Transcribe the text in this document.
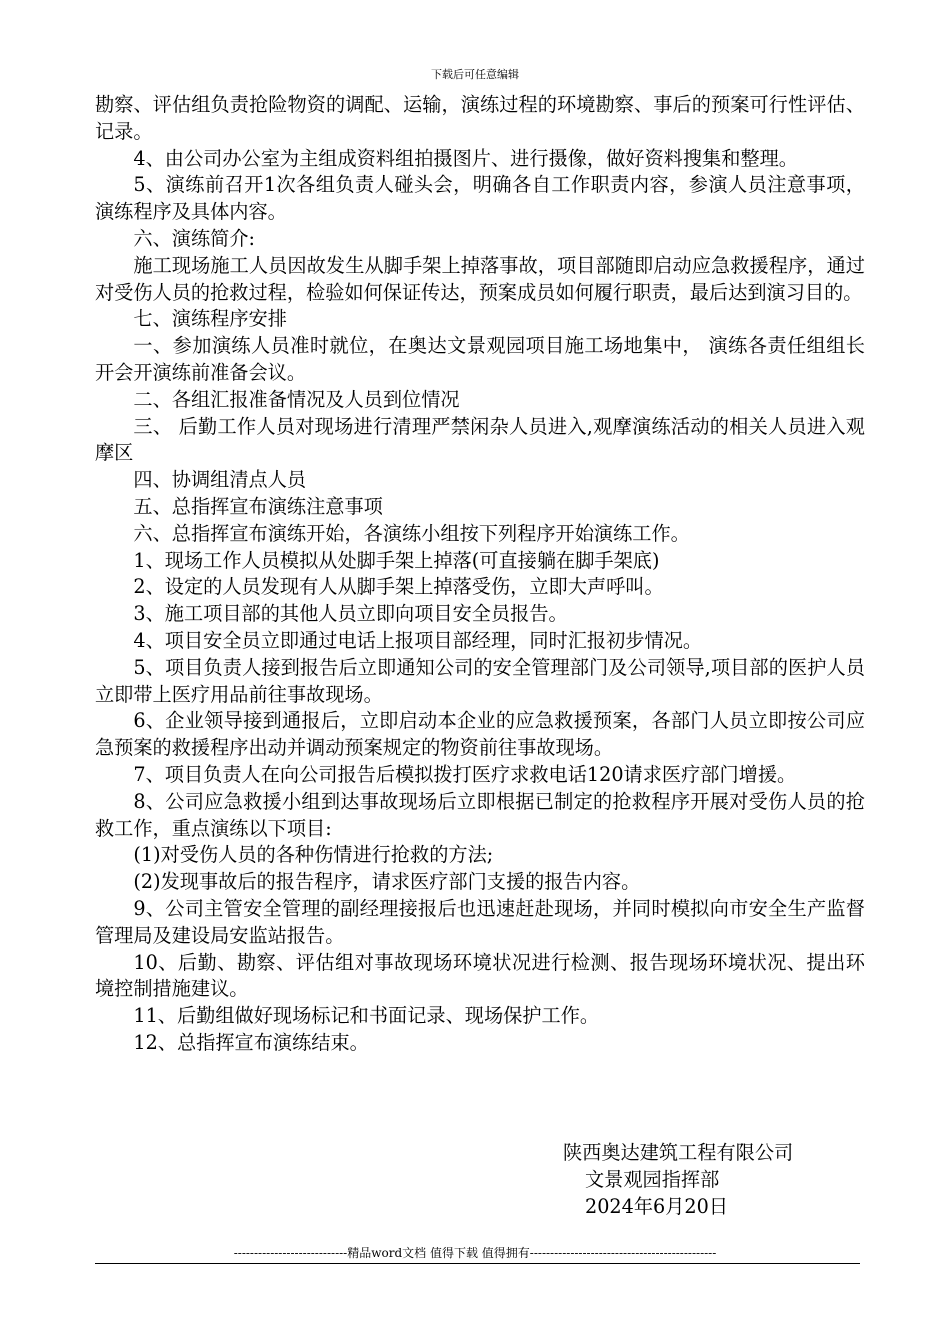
下载后可任意编辑

勘察、评估组负责抢险物资的调配、运输，演练过程的环境勘察、事后的预案可行性评估、记录。

4、由公司办公室为主组成资料组拍摄图片、进行摄像，做好资料搜集和整理。

5、演练前召开1次各组负责人碰头会，明确各自工作职责内容，参演人员注意事项，演练程序及具体内容。

六、演练简介:

施工现场施工人员因故发生从脚手架上掉落事故，项目部随即启动应急救援程序，通过对受伤人员的抢救过程，检验如何保证传达，预案成员如何履行职责，最后达到演习目的。

七、演练程序安排

一、参加演练人员准时就位，在奥达文景观园项目施工场地集中， 演练各责任组组长开会开演练前准备会议。

二、各组汇报准备情况及人员到位情况

三、 后勤工作人员对现场进行清理严禁闲杂人员进入,观摩演练活动的相关人员进入观摩区

四、协调组清点人员

五、总指挥宣布演练注意事项

六、总指挥宣布演练开始，各演练小组按下列程序开始演练工作。

1、现场工作人员模拟从处脚手架上掉落(可直接躺在脚手架底)

2、设定的人员发现有人从脚手架上掉落受伤，立即大声呼叫。

3、施工项目部的其他人员立即向项目安全员报告。

4、项目安全员立即通过电话上报项目部经理，同时汇报初步情况。

5、项目负责人接到报告后立即通知公司的安全管理部门及公司领导,项目部的医护人员立即带上医疗用品前往事故现场。

6、企业领导接到通报后，立即启动本企业的应急救援预案，各部门人员立即按公司应急预案的救援程序出动并调动预案规定的物资前往事故现场。

7、项目负责人在向公司报告后模拟拨打医疗求救电话120请求医疗部门增援。

8、公司应急救援小组到达事故现场后立即根据已制定的抢救程序开展对受伤人员的抢救工作，重点演练以下项目:

(1)对受伤人员的各种伤情进行抢救的方法;

(2)发现事故后的报告程序，请求医疗部门支援的报告内容。

9、公司主管安全管理的副经理接报后也迅速赶赴现场，并同时模拟向市安全生产监督管理局及建设局安监站报告。

10、后勤、勘察、评估组对事故现场环境状况进行检测、报告现场环境状况、提出环境控制措施建议。

11、后勤组做好现场标记和书面记录、现场保护工作。

12、总指挥宣布演练结束。

陕西奥达建筑工程有限公司
文景观园指挥部
2024年6月20日
----------------------------精品word文档 值得下载 值得拥有----------------------------------------------
